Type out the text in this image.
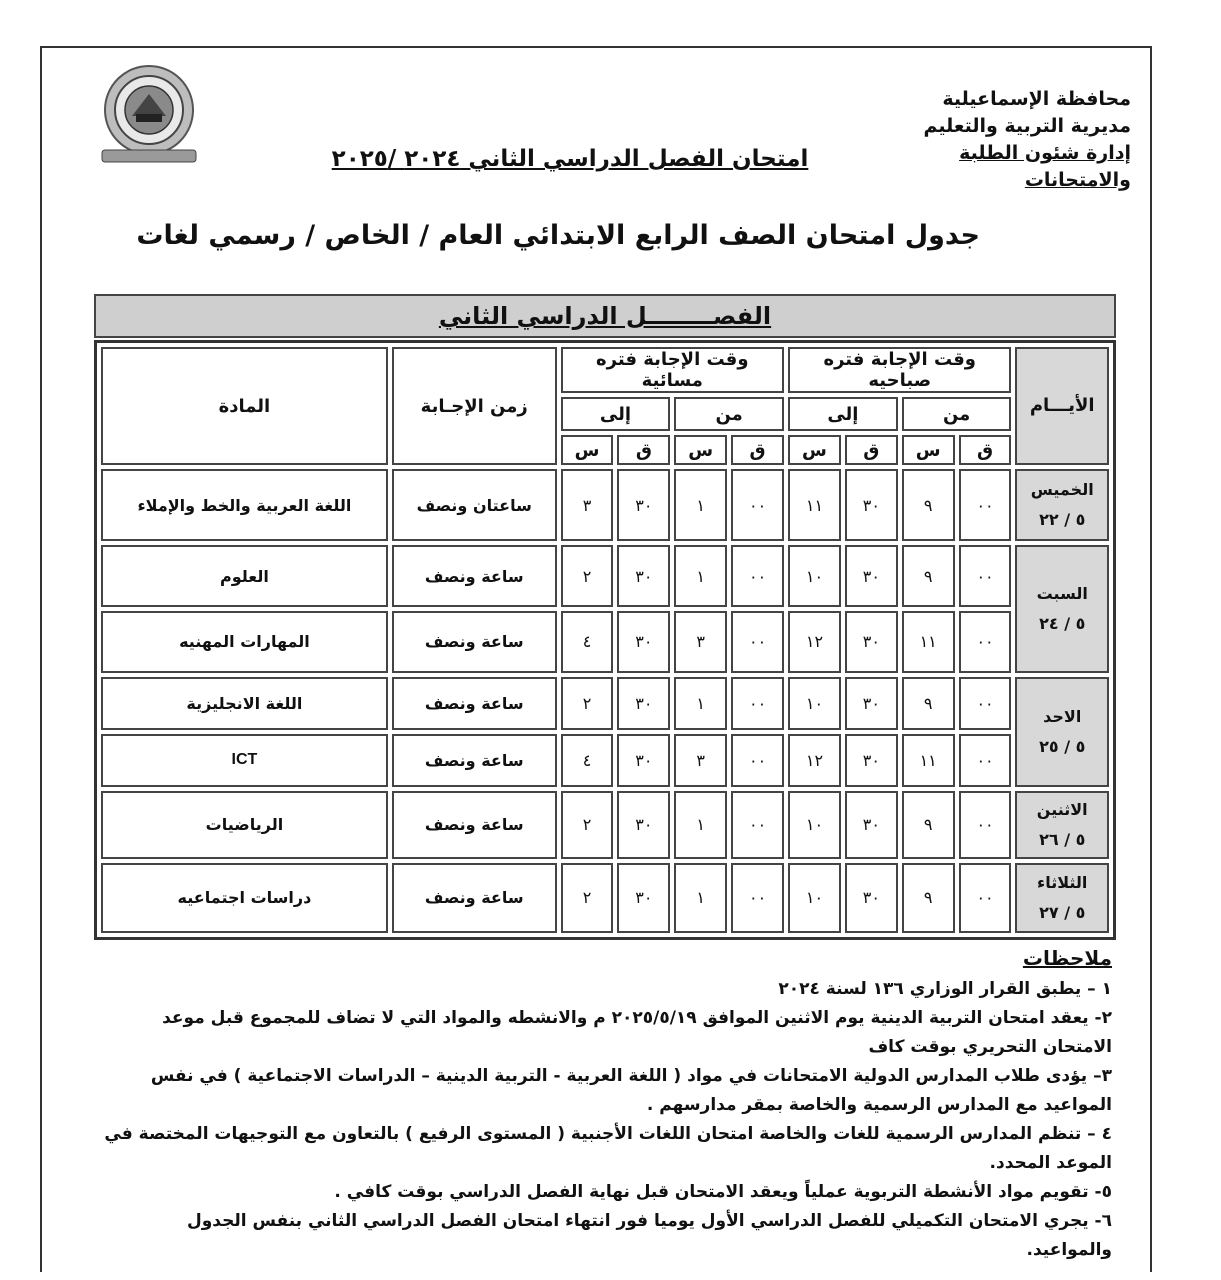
محافظة الإسماعيلية
مديرية التربية والتعليم
إدارة شئون الطلبة والامتحانات
امتحان الفصل الدراسي الثاني ٢٠٢٤ /٢٠٢٥
جدول امتحان الصف الرابع الابتدائي العام / الخاص / رسمي لغات
الفصــــــــل الدراسي الثاني
الأيـــام	وقت الإجابة فتره صباحيه				وقت الإجابة فتره مسائية				زمن الإجـابة	المادة
	من		إلى		من		إلى			
	ق	س	ق	س	ق	س	ق	س		

الخميس
٥ / ٢٢	٠٠	٩	٣٠	١١	٠٠	١	٣٠	٣	ساعتان ونصف	اللغة العربية والخط والإملاء

السبت
٥ / ٢٤	٠٠	٩	٣٠	١٠	٠٠	١	٣٠	٢	ساعة ونصف	العلوم
	٠٠	١١	٣٠	١٢	٠٠	٣	٣٠	٤	ساعة ونصف	المهارات المهنيه

الاحد
٥ / ٢٥	٠٠	٩	٣٠	١٠	٠٠	١	٣٠	٢	ساعة ونصف	اللغة الانجليزية
	٠٠	١١	٣٠	١٢	٠٠	٣	٣٠	٤	ساعة ونصف	ICT

الاثنين
٥ / ٢٦	٠٠	٩	٣٠	١٠	٠٠	١	٣٠	٢	ساعة ونصف	الرياضيات

الثلاثاء
٥ / ٢٧	٠٠	٩	٣٠	١٠	٠٠	١	٣٠	٢	ساعة ونصف	دراسات اجتماعيه
ملاحظات

١ – يطبق القرار الوزاري ١٣٦ لسنة ٢٠٢٤

٢- يعقد امتحان التربية الدينية يوم الاثنين الموافق ٢٠٢٥/٥/١٩ م والانشطه والمواد التي لا تضاف للمجموع قبل موعد الامتحان التحريري بوقت كاف

٣– يؤدى طلاب المدارس الدولية الامتحانات في مواد ( اللغة العربية - التربية الدينية – الدراسات الاجتماعية ) في نفس المواعيد مع المدارس الرسمية والخاصة بمقر مدارسهم .

٤ – تنظم المدارس الرسمية للغات والخاصة امتحان اللغات الأجنبية ( المستوى الرفيع ) بالتعاون مع التوجيهات المختصة في الموعد المحدد.

٥- تقويم مواد الأنشطة التربوية عملياً ويعقد الامتحان قبل نهاية الفصل الدراسي بوقت كافي .

٦- يجري الامتحان التكميلي للفصل الدراسي الأول يوميا فور انتهاء امتحان الفصل الدراسي الثاني بنفس الجدول والمواعيد.
